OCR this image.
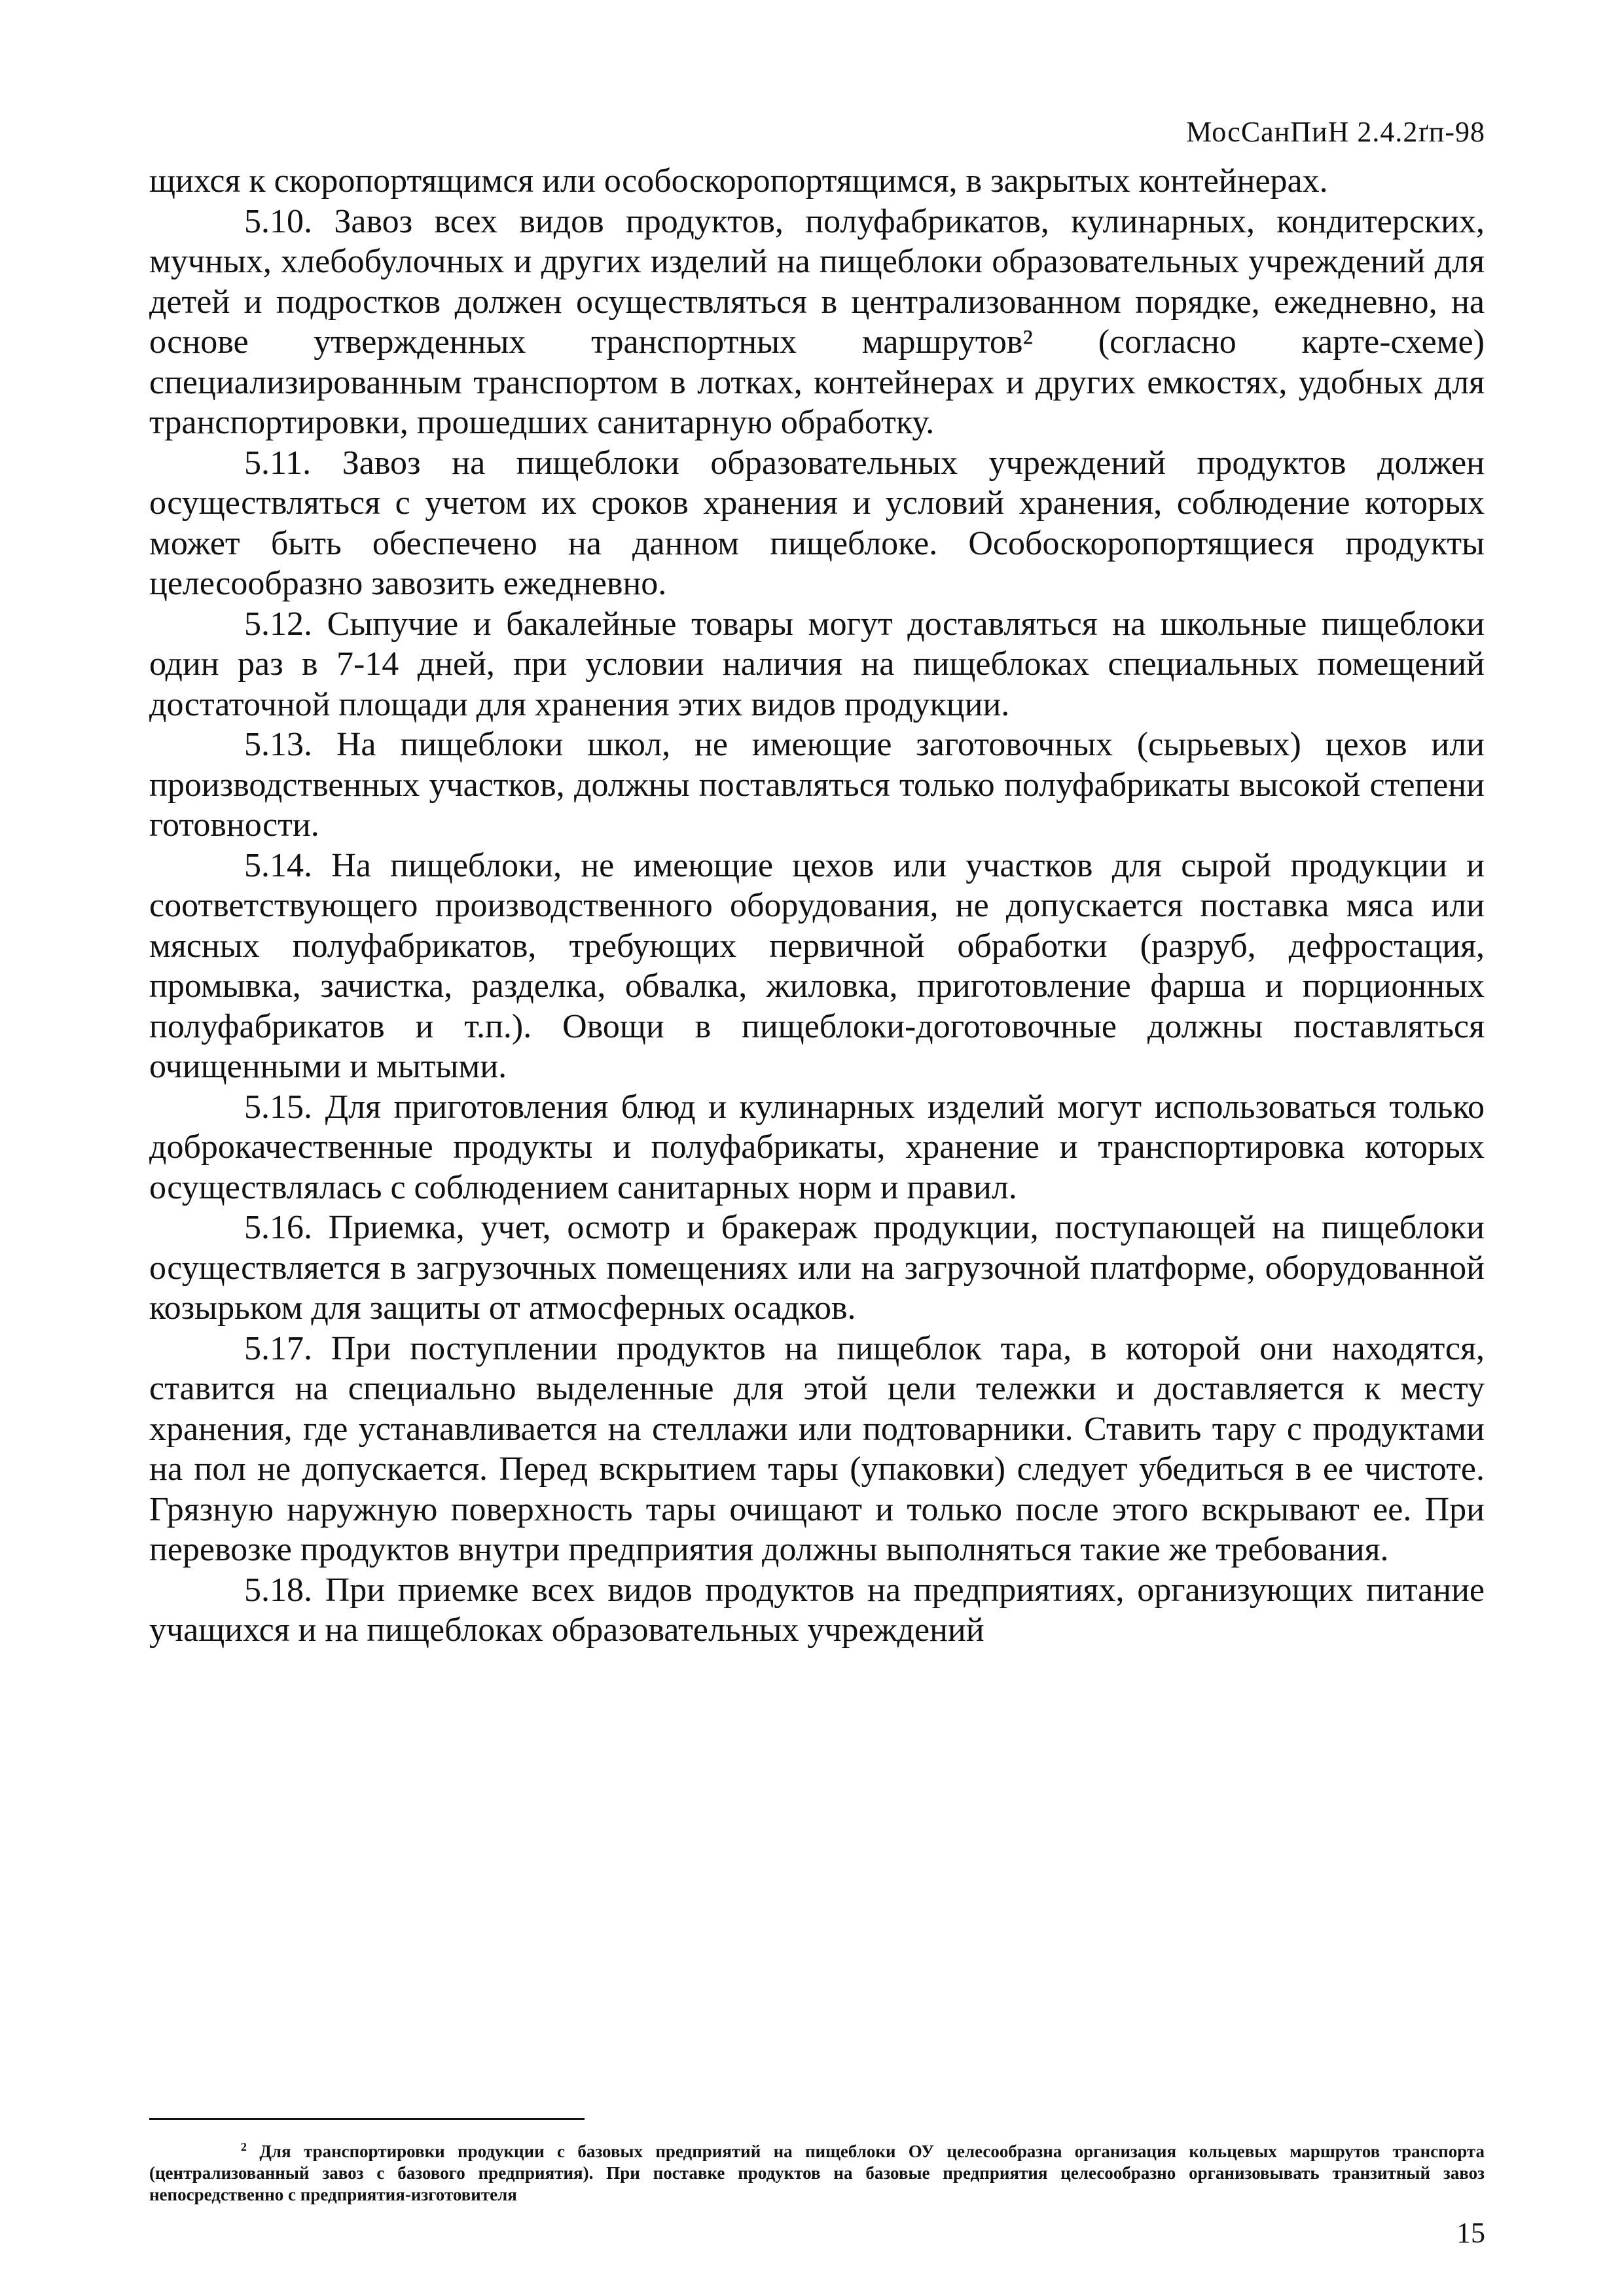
МосСанПиН 2.4.2ґп-98

щихся к скоропортящимся или особоскоропортящимся, в закрытых контейнерах.

5.10. Завоз всех видов продуктов, полуфабрикатов, кулинарных, кондитерских, мучных, хлебобулочных и других изделий на пищеблоки образовательных учреждений для детей и подростков должен осуществляться в централизованном порядке, ежедневно, на основе утвержденных транспортных маршрутов² (согласно карте-схеме) специализированным транспортом в лотках, контейнерах и других емкостях, удобных для транспортировки, прошедших санитарную обработку.

5.11. Завоз на пищеблоки образовательных учреждений продуктов должен осуществляться с учетом их сроков хранения и условий хранения, соблюдение которых может быть обеспечено на данном пищеблоке. Особоскоропортящиеся продукты целесообразно завозить ежедневно.

5.12. Сыпучие и бакалейные товары могут доставляться на школьные пищеблоки один раз в 7-14 дней, при условии наличия на пищеблоках специальных помещений достаточной площади для хранения этих видов продукции.

5.13. На пищеблоки школ, не имеющие заготовочных (сырьевых) цехов или производственных участков, должны поставляться только полуфабрикаты высокой степени готовности.

5.14. На пищеблоки, не имеющие цехов или участков для сырой продукции и соответствующего производственного оборудования, не допускается поставка мяса или мясных полуфабрикатов, требующих первичной обработки (разруб, дефростация, промывка, зачистка, разделка, обвалка, жиловка, приготовление фарша и порционных полуфабрикатов и т.п.). Овощи в пищеблоки-доготовочные должны поставляться очищенными и мытыми.

5.15. Для приготовления блюд и кулинарных изделий могут использоваться только доброкачественные продукты и полуфабрикаты, хранение и транспортировка которых осуществлялась с соблюдением санитарных норм и правил.

5.16. Приемка, учет, осмотр и бракераж продукции, поступающей на пищеблоки осуществляется в загрузочных помещениях или на загрузочной платформе, оборудованной козырьком для защиты от атмосферных осадков.

5.17. При поступлении продуктов на пищеблок тара, в которой они находятся, ставится на специально выделенные для этой цели тележки и доставляется к месту хранения, где устанавливается на стеллажи или подтоварники. Ставить тару с продуктами на пол не допускается. Перед вскрытием тары (упаковки) следует убедиться в ее чистоте. Грязную наружную поверхность тары очищают и только после этого вскрывают ее. При перевозке продуктов внутри предприятия должны выполняться такие же требования.

5.18. При приемке всех видов продуктов на предприятиях, организующих питание учащихся и на пищеблоках образовательных учреждений

$^2$ Для транспортировки продукции с базовых предприятий на пищеблоки ОУ целесообразна организация кольцевых маршрутов транспорта (централизованный завоз с базового предприятия). При поставке продуктов на базовые предприятия целесообразно организовывать транзитный завоз непосредственно с предприятия-изготовителя
15
